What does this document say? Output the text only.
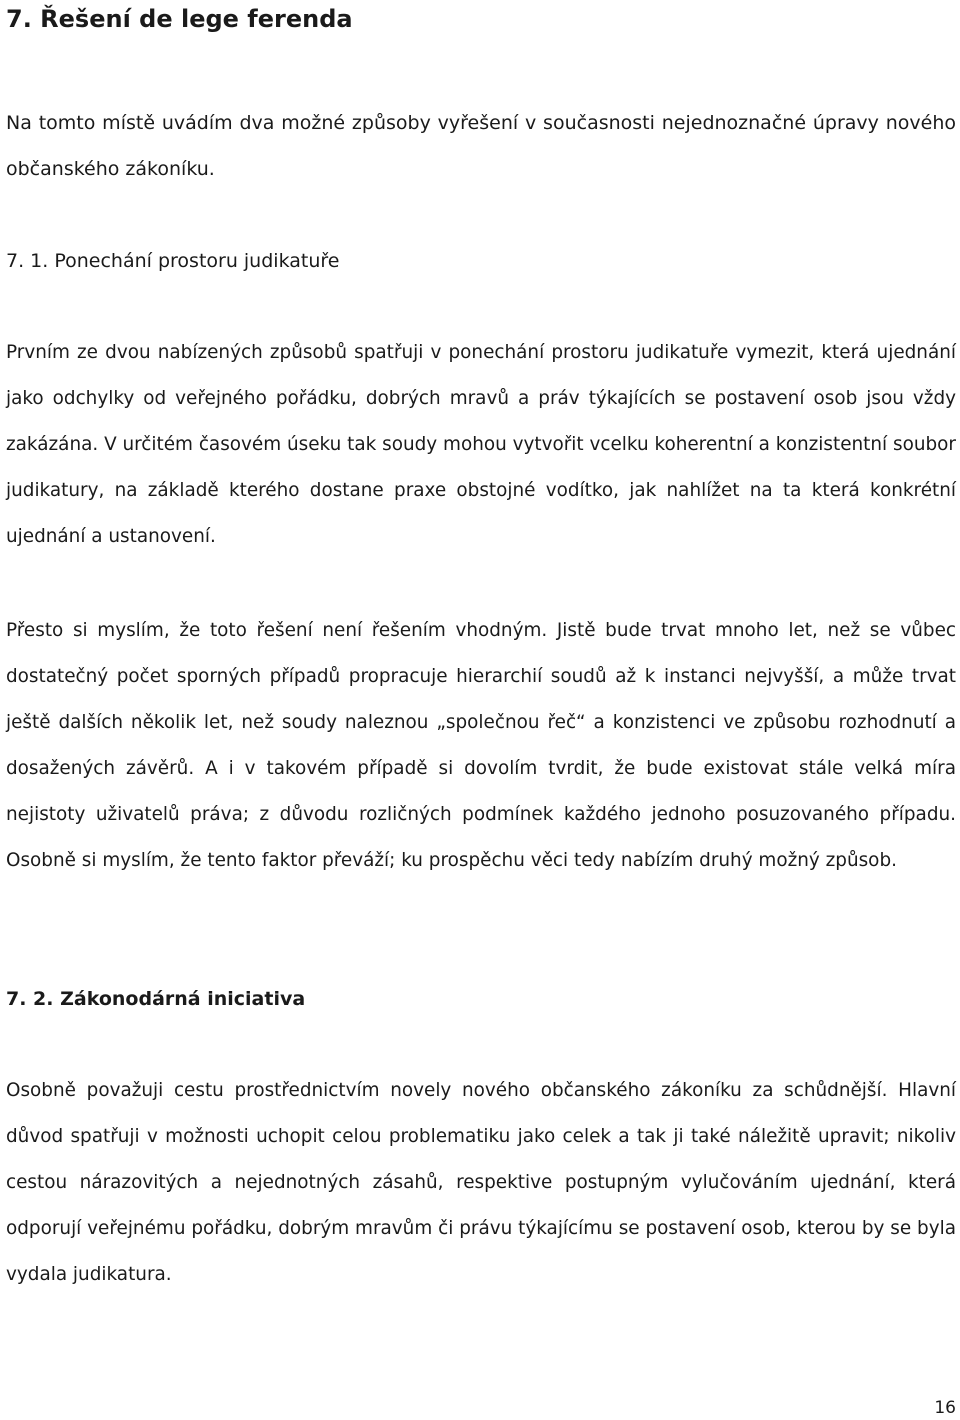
7. Řešení de lege ferenda

Na tomto místě uvádím dva možné způsoby vyřešení v současnosti nejednoznačné úpravy nového občanského zákoníku.

7. 1. Ponechání prostoru judikatuře

Prvním ze dvou nabízených způsobů spatřuji v ponechání prostoru judikatuře vymezit, která ujednání jako odchylky od veřejného pořádku, dobrých mravů a práv týkajících se postavení osob jsou vždy zakázána. V určitém časovém úseku tak soudy mohou vytvořit vcelku koherentní a konzistentní soubor judikatury, na základě kterého dostane praxe obstojné vodítko, jak nahlížet na ta která konkrétní ujednání a ustanovení.

Přesto si myslím, že toto řešení není řešením vhodným. Jistě bude trvat mnoho let, než se vůbec dostatečný počet sporných případů propracuje hierarchií soudů až k instanci nejvyšší, a může trvat ještě dalších několik let, než soudy naleznou „společnou řeč“ a konzistenci ve způsobu rozhodnutí a dosažených závěrů. A i v takovém případě si dovolím tvrdit, že bude existovat stále velká míra nejistoty uživatelů práva; z důvodu rozličných podmínek každého jednoho posuzovaného případu. Osobně si myslím, že tento faktor převáží; ku prospěchu věci tedy nabízím druhý možný způsob.

7. 2. Zákonodárná iniciativa

Osobně považuji cestu prostřednictvím novely nového občanského zákoníku za schůdnější. Hlavní důvod spatřuji v možnosti uchopit celou problematiku jako celek a tak ji také náležitě upravit; nikoliv cestou nárazovitých a nejednotných zásahů, respektive postupným vylučováním ujednání, která odporují veřejnému pořádku, dobrým mravům či právu týkajícímu se postavení osob, kterou by se byla vydala judikatura.

16
